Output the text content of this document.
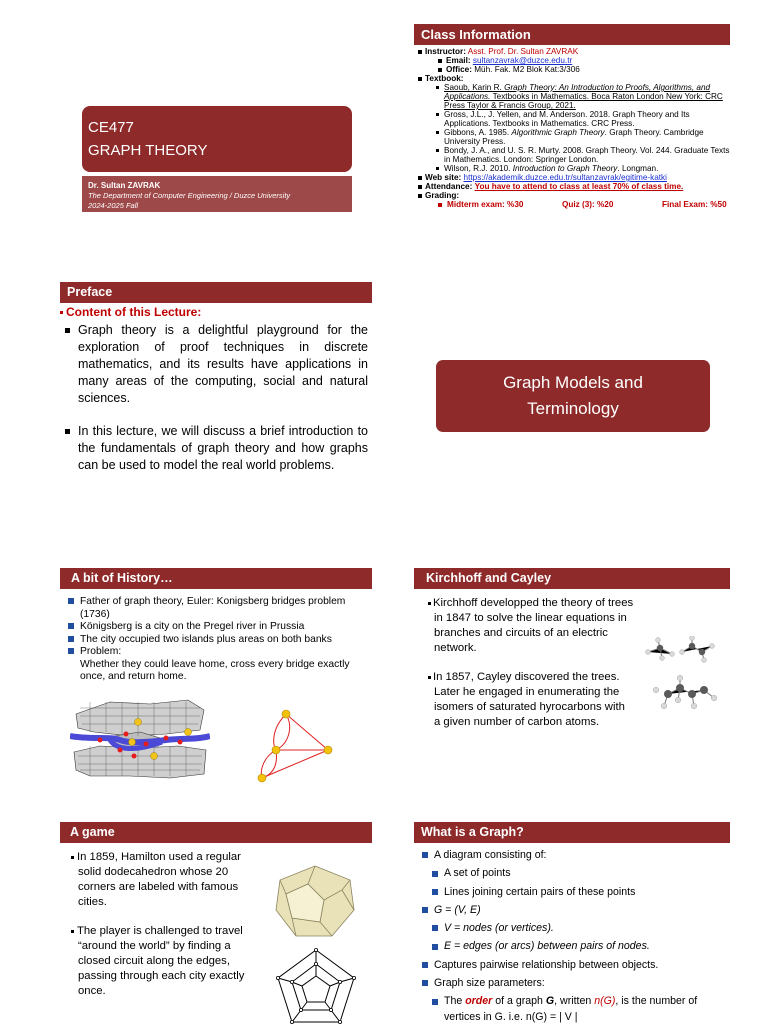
CE477
GRAPH THEORY
Dr. Sultan ZAVRAK
The Department of Computer Engineering / Duzce University
2024-2025 Fall
Class Information
Instructor: Asst. Prof. Dr. Sultan ZAVRAK
Email: sultanzavrak@duzce.edu.tr
Office: Müh. Fak. M2 Blok Kat:3/306
Textbook:
Saoub, Karin R. Graph Theory: An Introduction to Proofs, Algorithms, and Applications. Textbooks in Mathematics. Boca Raton London New York: CRC Press Taylor & Francis Group, 2021.
Gross, J.L., J. Yellen, and M. Anderson. 2018. Graph Theory and Its Applications. Textbooks in Mathematics. CRC Press.
Gibbons, A. 1985. Algorithmic Graph Theory. Graph Theory. Cambridge University Press.
Bondy, J. A., and U. S. R. Murty. 2008. Graph Theory. Vol. 244. Graduate Texts in Mathematics. London: Springer London.
Wilson, R.J. 2010. Introduction to Graph Theory. Longman.
Web site: https://akademik.duzce.edu.tr/sultanzavrak/egitime-katki
Attendance: You have to attend to class at least 70% of class time.
Grading:
Midterm exam: %30	Quiz (3): %20	Final Exam: %50
Preface
Content of this Lecture:
Graph theory is a delightful playground for the exploration of proof techniques in discrete mathematics, and its results have applications in many areas of the computing, social and natural sciences.
In this lecture, we will discuss a brief introduction to the fundamentals of graph theory and how graphs can be used to model the real world problems.
Graph Models and
Terminology
A bit of History…
Father of graph theory, Euler: Konigsberg bridges problem (1736)
Königsberg is a city on the Pregel river in Prussia
The city occupied two islands plus areas on both banks
Problem:
Whether they could leave home, cross every bridge exactly once, and return home.
Kirchhoff and Cayley

Kirchhoff developped the theory of trees in 1847 to solve the linear equations in branches and circuits of an electric network.

In 1857, Cayley discovered the trees. Later he engaged in enumerating the isomers of saturated hyrocarbons with a given number of carbon atoms.

A game

In 1859, Hamilton used a regular solid dodecahedron whose 20 corners are labeled with famous cities.

The player is challenged to travel “around the world” by finding a closed circuit along the edges, passing through each city exactly once.

What is a Graph?
A diagram consisting of:
A set of points
Lines joining certain pairs of these points
G = (V, E)
V = nodes (or vertices).
E = edges (or arcs) between pairs of nodes.
Captures pairwise relationship between objects.
Graph size parameters:
The order of a graph G, written n(G), is the number of
vertices in G. i.e. n(G) = | V |
